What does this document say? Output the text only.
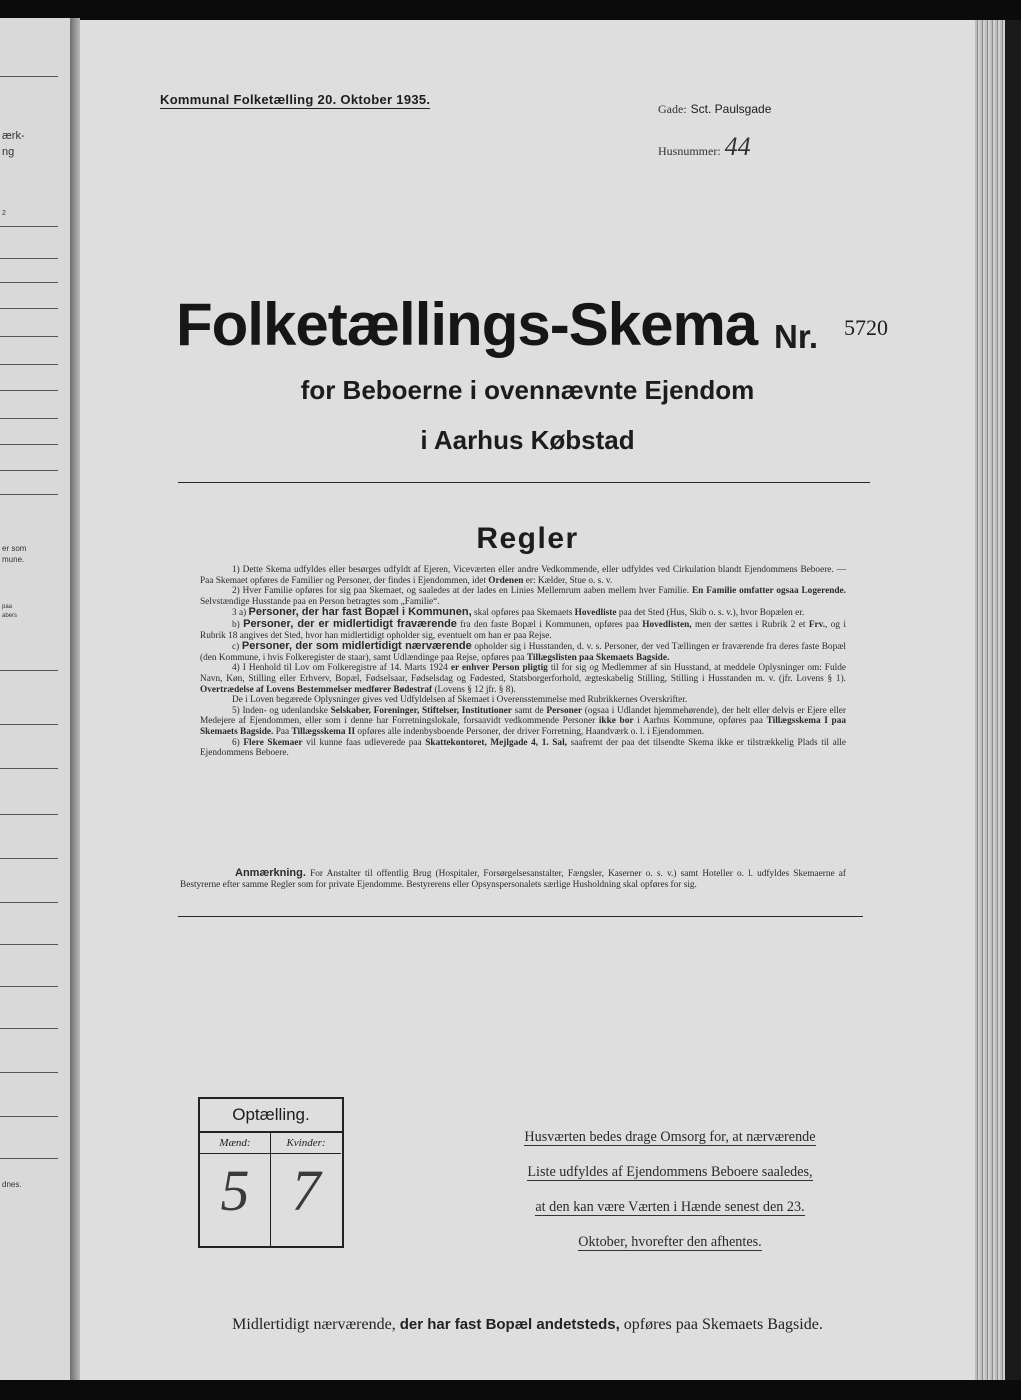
ærk-
ng
2
er som
mune.
paa
abers
dnes.
Kommunal Folketælling 20. Oktober 1935.
Gade: Sct. Paulsgade
Husnummer: 44
Folketællings-Skema Nr. 5720
for Beboerne i ovennævnte Ejendom
i Aarhus Købstad
Regler

1) Dette Skema udfyldes eller besørges udfyldt af Ejeren, Viceværten eller andre Vedkommende, eller udfyldes ved Cirkulation blandt Ejendommens Beboere. — Paa Skemaet opføres de Familier og Personer, der findes i Ejendommen, idet Ordenen er: Kælder, Stue o. s. v.

2) Hver Familie opføres for sig paa Skemaet, og saaledes at der lades en Linies Mellemrum aaben mellem hver Familie. En Familie omfatter ogsaa Logerende. Selvstændige Husstande paa en Person betragtes som „Familie“.

3 a) Personer, der har fast Bopæl i Kommunen, skal opføres paa Skemaets Hovedliste paa det Sted (Hus, Skib o. s. v.), hvor Bopælen er.

b) Personer, der er midlertidigt fraværende fra den faste Bopæl i Kommunen, opføres paa Hovedlisten, men der sættes i Rubrik 2 et Frv., og i Rubrik 18 angives det Sted, hvor han midlertidigt opholder sig, eventuelt om han er paa Rejse.

c) Personer, der som midlertidigt nærværende opholder sig i Husstanden, d. v. s. Personer, der ved Tællingen er fraværende fra deres faste Bopæl (den Kommune, i hvis Folkeregister de staar), samt Udlændinge paa Rejse, opføres paa Tillægslisten paa Skemaets Bagside.

4) I Henhold til Lov om Folkeregistre af 14. Marts 1924 er enhver Person pligtig til for sig og Medlemmer af sin Husstand, at meddele Oplysninger om: Fulde Navn, Køn, Stilling eller Erhverv, Bopæl, Fødselsaar, Fødselsdag og Fødested, Statsborgerforhold, ægteskabelig Stilling, Stilling i Husstanden m. v. (jfr. Lovens § 1). Overtrædelse af Lovens Bestemmelser medfører Bødestraf (Lovens § 12 jfr. § 8).

De i Loven begærede Oplysninger gives ved Udfyldelsen af Skemaet i Overensstemmelse med Rubrikkernes Overskrifter.

5) Inden- og udenlandske Selskaber, Foreninger, Stiftelser, Institutioner samt de Personer (ogsaa i Udlandet hjemmehørende), der helt eller delvis er Ejere eller Medejere af Ejendommen, eller som i denne har Forretningslokale, forsaavidt vedkommende Personer ikke bor i Aarhus Kommune, opføres paa Tillægsskema I paa Skemaets Bagside. Paa Tillægsskema II opføres alle indenbysboende Personer, der driver Forretning, Haandværk o. l. i Ejendommen.

6) Flere Skemaer vil kunne faas udleverede paa Skattekontoret, Mejlgade 4, 1. Sal, saafremt der paa det tilsendte Skema ikke er tilstrækkelig Plads til alle Ejendommens Beboere.

Anmærkning. For Anstalter til offentlig Brug (Hospitaler, Forsørgelsesanstalter, Fængsler, Kaserner o. s. v.) samt Hoteller o. l. udfyldes Skemaerne af Bestyrerne efter samme Regler som for private Ejendomme. Bestyrerens eller Opsynspersonalets særlige Husholdning skal opføres for sig.

Optælling.
Mænd:
5
Kvinder:
7
Husværten bedes drage Omsorg for, at nærværende
Liste udfyldes af Ejendommens Beboere saaledes,
at den kan være Værten i Hænde senest den 23.
Oktober, hvorefter den afhentes.
Midlertidigt nærværende, der har fast Bopæl andetsteds, opføres paa Skemaets Bagside.
